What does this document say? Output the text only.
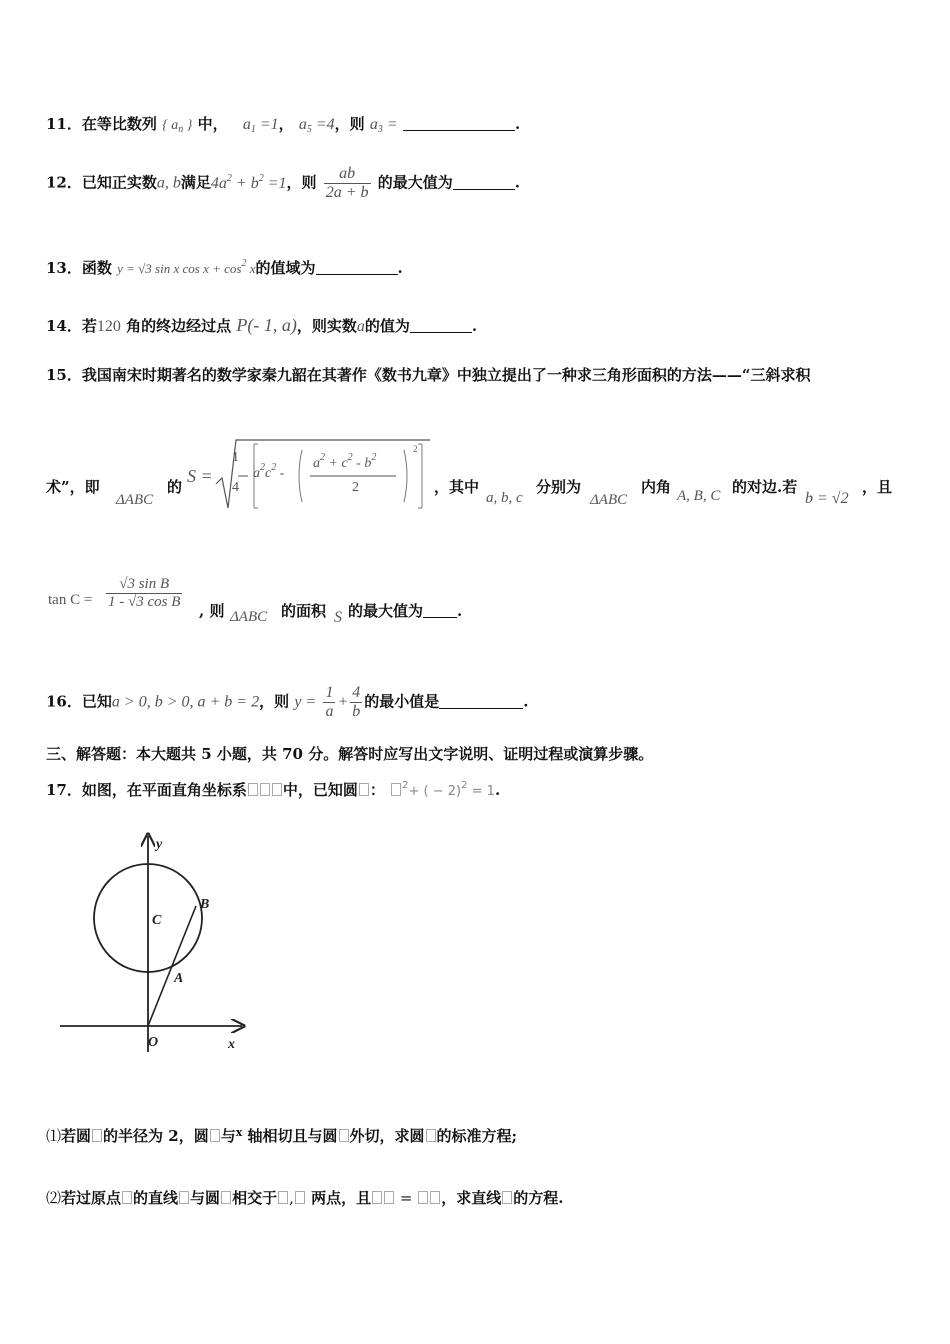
11．在等比数列 { $a_n$ } 中， $a_1 =1$， $a_5 =4$，则 $a_3$ =	.
12．已知正实数a, b满足$4a^2 + b^2 =1$，则 $\frac{ab}{2a + b}$ 的最大值为	.
13．函数 y = √3 sin x $\cos x + \cos^2 x$的值域为	.
14．若120 角的终边经过点 P(- 1, a)，则实数a的值为	.
15．我国南宋时期著名的数学家秦九韶在其著作《数书九章》中独立提出了一种求三角形面积的方法——“三斜求积
术”，即
ΔABC
的
S =
1
4
$a^2c^2$ -
$a^2 + c^2 - b^2$
2
2
，其中
a, b, c
分别为
ΔABC
内角 A, B, C 的对边.若
b = √2
，且
$\tan C = \frac{\text{√3 sin B}}{\text{1 - √3 cos B}}$ , 则 ΔABC 的面积 S 的最大值为 .
16．已知a > 0, b > 0, a + b = 2，则 $y = \frac{1}{a} + \frac{4}{b}$ 的最小值是	.
三、解答题：本大题共 5 小题，共 70 分。解答时应写出文字说明、证明过程或演算步骤。
17．如图，在平面直角坐标系 中，已知圆 ： $^2$+ ( − 2)$^2$ = 1.
y
x
O
C
A
B
⑴若圆 的半径为 2，圆 与$^x$ 轴相切且与圆 外切，求圆 的标准方程;
⑵若过原点 的直线 与圆 相交于 , 两点，且 = ，求直线 的方程.
